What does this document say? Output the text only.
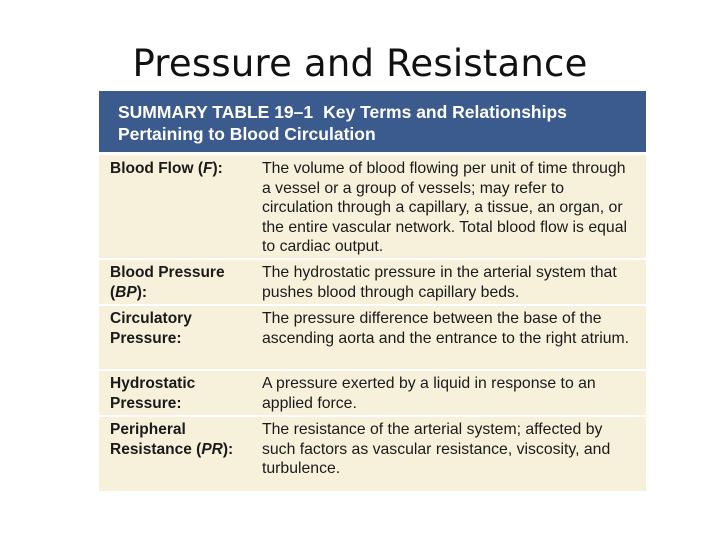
Pressure and Resistance
SUMMARY TABLE 19–1 Key Terms and Relationships
Pertaining to Blood Circulation
Blood Flow (F):	The volume of blood flowing per unit of time through a vessel or a group of vessels; may refer to circulation through a capillary, a tissue, an organ, or the entire vascular network. Total blood flow is equal to cardiac output.
Blood Pressure
(BP):
The hydrostatic pressure in the arterial system that pushes blood through capillary beds.
Circulatory
Pressure:
The pressure difference between the base of the ascending aorta and the entrance to the right atrium.
Hydrostatic
Pressure:
A pressure exerted by a liquid in response to an applied force.
Peripheral
Resistance (PR):
The resistance of the arterial system; affected by such factors as vascular resistance, viscosity, and turbulence.
